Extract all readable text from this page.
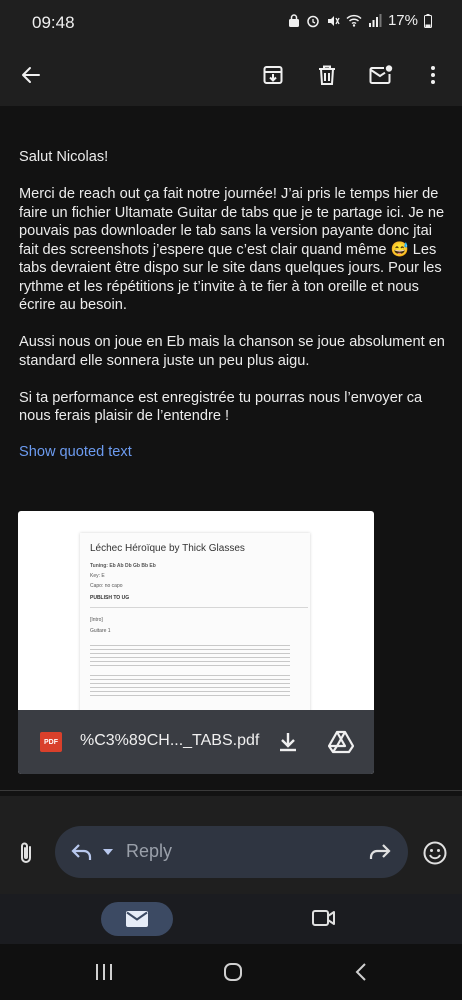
09:48	17%

Salut Nicolas!

Merci de reach out ça fait notre journée! J’ai pris le temps hier de faire un fichier Ultamate Guitar de tabs que je te partage ici. Je ne pouvais pas downloader le tab sans la version payante donc jtai fait des screenshots j’espere que c’est clair quand même 😅 Les tabs devraient être dispo sur le site dans quelques jours. Pour les rythme et les répétitions je t’invite à te fier à ton oreille et nous écrire au besoin.

Aussi nous on joue en Eb mais la chanson se joue absolument en standard elle sonnera juste un peu plus aigu.

Si ta performance est enregistrée tu pourras nous l’envoyer ca nous ferais plaisir de l’entendre !

Show quoted text
Léchec Héroïque by Thick Glasses
Tuning: Eb Ab Db Gb Bb Eb
Key: E
Capo: no capo
PUBLISH TO UG
[Intro]
Guitare 1
PDF %C3%89CH..._TABS.pdf
Reply
